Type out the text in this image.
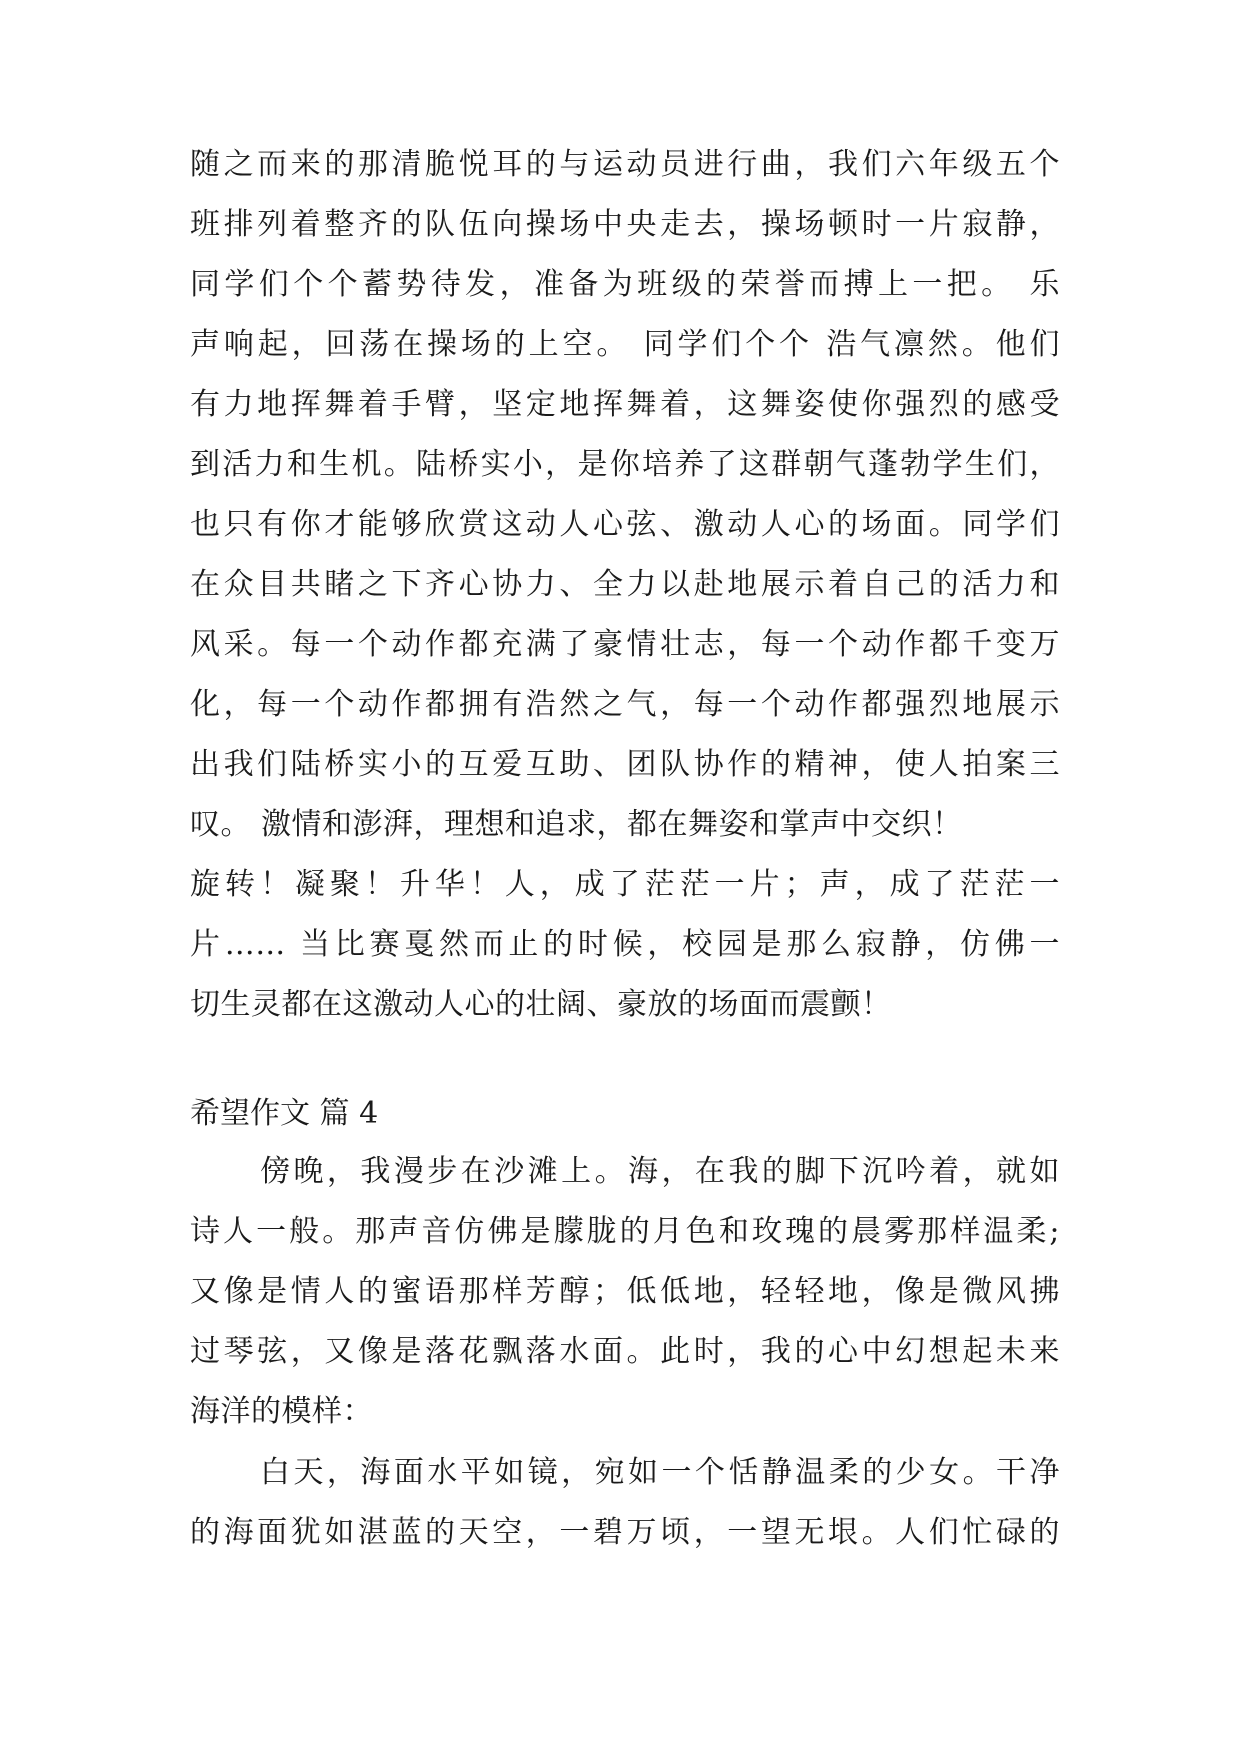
随之而来的那清脆悦耳的与运动员进行曲，我们六年级五个
班排列着整齐的队伍向操场中央走去，操场顿时一片寂静，
同学们个个蓄势待发，准备为班级的荣誉而搏上一把。 乐
声响起，回荡在操场的上空。 同学们个个 浩气凛然。他们
有力地挥舞着手臂，坚定地挥舞着，这舞姿使你强烈的感受
到活力和生机。陆桥实小，是你培养了这群朝气蓬勃学生们，
也只有你才能够欣赏这动人心弦、激动人心的场面。同学们
在众目共睹之下齐心协力、全力以赴地展示着自己的活力和
风采。每一个动作都充满了豪情壮志，每一个动作都千变万
化，每一个动作都拥有浩然之气，每一个动作都强烈地展示
出我们陆桥实小的互爱互助、团队协作的精神，使人拍案三
叹。 激情和澎湃，理想和追求，都在舞姿和掌声中交织！
旋转！凝聚！升华！人，成了茫茫一片；声，成了茫茫一
片…… 当比赛戛然而止的时候，校园是那么寂静，仿佛一
切生灵都在这激动人心的壮阔、豪放的场面而震颤！
希望作文 篇 4
傍晚，我漫步在沙滩上。海，在我的脚下沉吟着，就如
诗人一般。那声音仿佛是朦胧的月色和玫瑰的晨雾那样温柔;
又像是情人的蜜语那样芳醇；低低地，轻轻地，像是微风拂
过琴弦，又像是落花飘落水面。此时，我的心中幻想起未来
海洋的模样：
白天，海面水平如镜，宛如一个恬静温柔的少女。干净
的海面犹如湛蓝的天空，一碧万顷，一望无垠。人们忙碌的
